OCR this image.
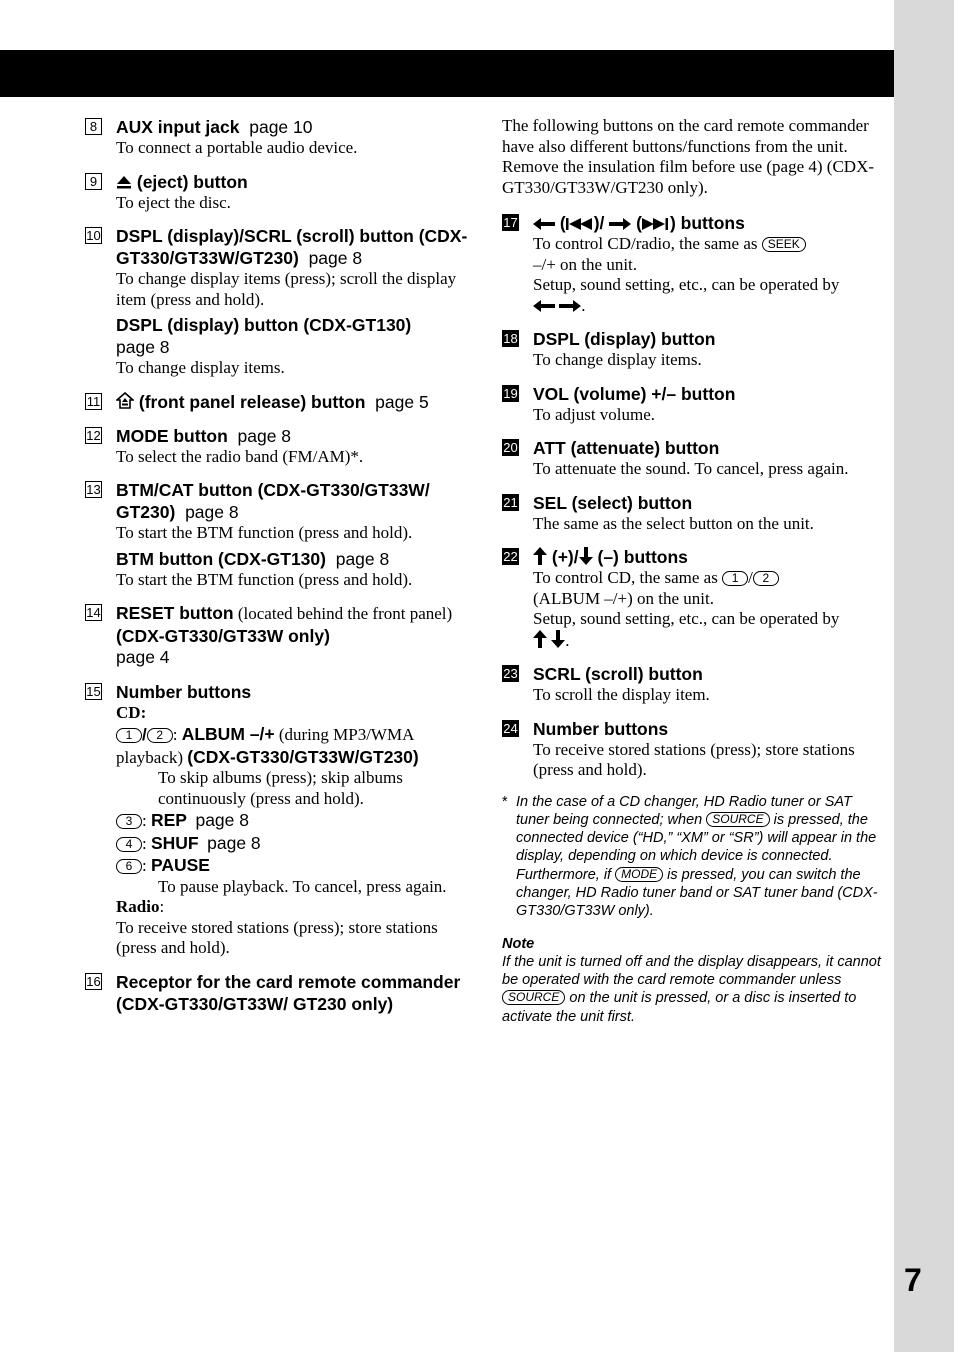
7
8 AUX input jack page 10
To connect a portable audio device.
9	(eject) button
To eject the disc.
10 DSPL (display)/SCRL (scroll) button (CDX-GT330/GT33W/GT230) page 8
To change display items (press); scroll the display item (press and hold).
DSPL (display) button (CDX-GT130)
page 8
To change display items.
11	(front panel release) button page 5
12 MODE button page 8
To select the radio band (FM/AM)*.
13 BTM/CAT button (CDX-GT330/GT33W/ GT230) page 8
To start the BTM function (press and hold).
BTM button (CDX-GT130) page 8
To start the BTM function (press and hold).
14 RESET button (located behind the front panel) (CDX-GT330/GT33W only)
page 4
15 Number buttons
CD:
1 / 2 : ALBUM –/+ (during MP3/WMA playback) (CDX-GT330/GT33W/GT230)
To skip albums (press); skip albums continuously (press and hold).
3 : REP page 8
4 : SHUF page 8
6 : PAUSE
To pause playback. To cancel, press again.
Radio:
To receive stored stations (press); store stations (press and hold).
16 Receptor for the card remote commander (CDX-GT330/GT33W/ GT230 only)
The following buttons on the card remote commander have also different buttons/functions from the unit. Remove the insulation film before use (page 4) (CDX-GT330/GT33W/GT230 only).
17	( )/  ( ) buttons
To control CD/radio, the same as SEEK
–/+ on the unit.
Setup, sound setting, etc., can be operated by
.
18 DSPL (display) button
To change display items.
19 VOL (volume) +/– button
To adjust volume.
20 ATT (attenuate) button
To attenuate the sound. To cancel, press again.
21 SEL (select) button
The same as the select button on the unit.
22	(+)/ (–) buttons
To control CD, the same as 1 / 2
(ALBUM –/+) on the unit.
Setup, sound setting, etc., can be operated by
.
23 SCRL (scroll) button
To scroll the display item.
24 Number buttons
To receive stored stations (press); store stations (press and hold).
* In the case of a CD changer, HD Radio tuner or SAT tuner being connected; when SOURCE is pressed, the connected device (“HD,” “XM” or “SR”) will appear in the display, depending on which device is connected. Furthermore, if MODE is pressed, you can switch the changer, HD Radio tuner band or SAT tuner band (CDX-GT330/GT33W only).
Note
If the unit is turned off and the display disappears, it cannot be operated with the card remote commander unless SOURCE on the unit is pressed, or a disc is inserted to activate the unit first.
